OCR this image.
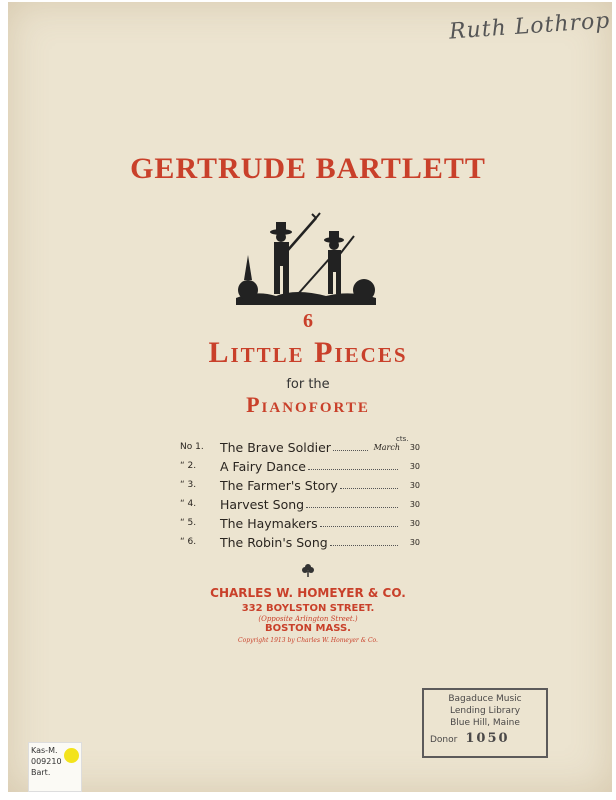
Ruth Lothrop
GERTRUDE BARTLETT
6
Little Pieces
for the
Pianoforte
cts.
No 1.	The Brave Soldier	March	30
“ 2.	A Fairy Dance	30
“ 3.	The Farmer's Story	30
“ 4.	Harvest Song	30
“ 5.	The Haymakers	30
“ 6.	The Robin's Song	30
CHARLES W. HOMEYER & CO.
332 BOYLSTON STREET.
(Opposite Arlington Street.)
BOSTON MASS.
Copyright 1913 by Charles W. Homeyer & Co.
Bagaduce Music
Lending Library
Blue Hill, Maine
Donor 1050
Kas-M.
009210
Bart.
